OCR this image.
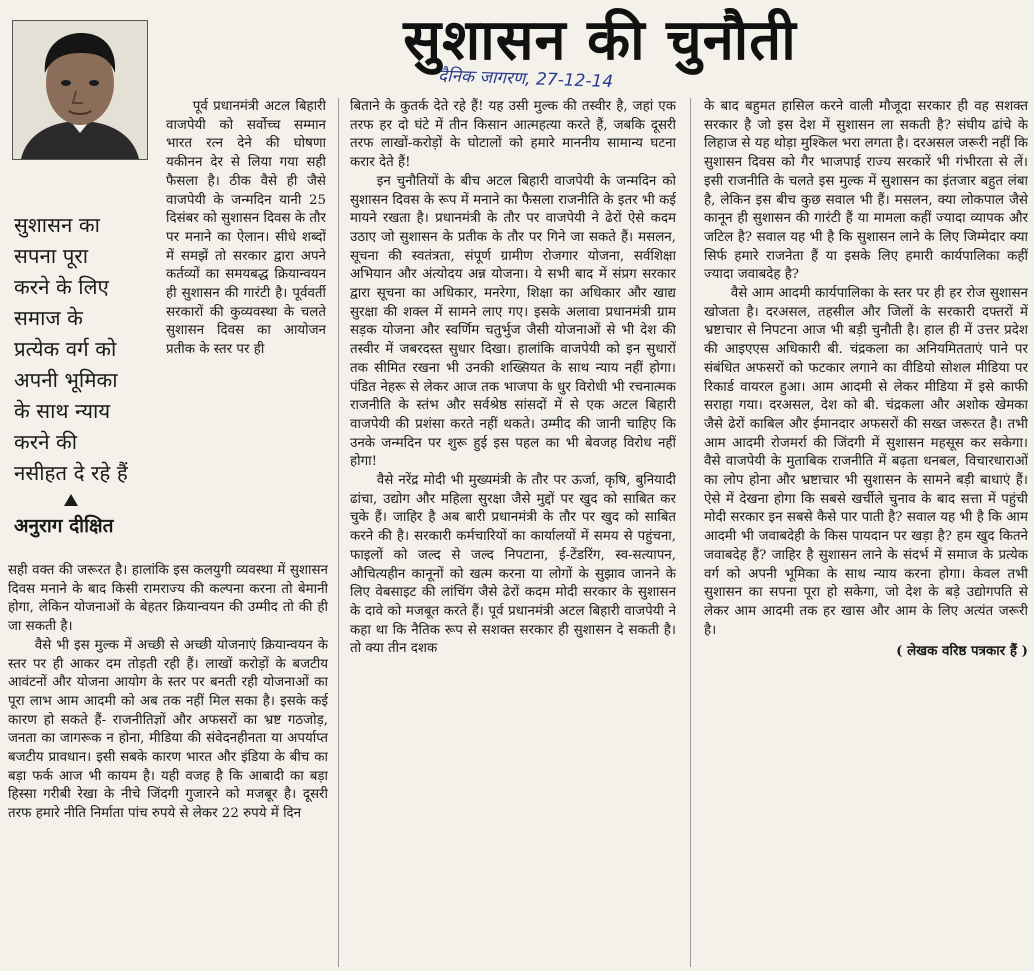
सुशासन की चुनौती
दैनिक जागरण, 27-12-14
सुशासन का
सपना पूरा
करने के लिए
समाज के
प्रत्येक वर्ग को
अपनी भूमिका
के साथ न्याय
करने की
नसीहत दे रहे हैं
अनुराग दीक्षित

पूर्व प्रधानमंत्री अटल बिहारी वाजपेयी को सर्वोच्च सम्मान भारत रत्न देने की घोषणा यकीनन देर से लिया गया सही फैसला है। ठीक वैसे ही जैसे वाजपेयी के जन्मदिन यानी 25 दिसंबर को सुशासन दिवस के तौर पर मनाने का ऐलान। सीधे शब्दों में समझें तो सरकार द्वारा अपने कर्तव्यों का समयबद्ध क्रियान्वयन ही सुशासन की गारंटी है। पूर्ववर्ती सरकारों की कुव्यवस्था के चलते सुशासन दिवस का आयोजन प्रतीक के स्तर पर ही

सही वक्त की जरूरत है। हालांकि इस कलयुगी व्यवस्था में सुशासन दिवस मनाने के बाद किसी रामराज्य की कल्पना करना तो बेमानी होगा, लेकिन योजनाओं के बेहतर क्रियान्वयन की उम्मीद तो की ही जा सकती है।

वैसे भी इस मुल्क में अच्छी से अच्छी योजनाएं क्रियान्वयन के स्तर पर ही आकर दम तोड़ती रही हैं। लाखों करोड़ों के बजटीय आवंटनों और योजना आयोग के स्तर पर बनती रही योजनाओं का पूरा लाभ आम आदमी को अब तक नहीं मिल सका है। इसके कई कारण हो सकते हैं- राजनीतिज्ञों और अफसरों का भ्रष्ट गठजोड़, जनता का जागरूक न होना, मीडिया की संवेदनहीनता या अपर्याप्त बजटीय प्रावधान। इसी सबके कारण भारत और इंडिया के बीच का बड़ा फर्क आज भी कायम है। यही वजह है कि आबादी का बड़ा हिस्सा गरीबी रेखा के नीचे जिंदगी गुजारने को मजबूर है। दूसरी तरफ हमारे नीति निर्माता पांच रुपये से लेकर 22 रुपये में दिन

बिताने के कुतर्क देते रहे हैं! यह उसी मुल्क की तस्वीर है, जहां एक तरफ हर दो घंटे में तीन किसान आत्महत्या करते हैं, जबकि दूसरी तरफ लाखों-करोड़ों के घोटालों को हमारे माननीय सामान्य घटना करार देते हैं!

इन चुनौतियों के बीच अटल बिहारी वाजपेयी के जन्मदिन को सुशासन दिवस के रूप में मनाने का फैसला राजनीति के इतर भी कई मायने रखता है। प्रधानमंत्री के तौर पर वाजपेयी ने ढेरों ऐसे कदम उठाए जो सुशासन के प्रतीक के तौर पर गिने जा सकते हैं। मसलन, सूचना की स्वतंत्रता, संपूर्ण ग्रामीण रोजगार योजना, सर्वशिक्षा अभियान और अंत्योदय अन्न योजना। ये सभी बाद में संप्रग सरकार द्वारा सूचना का अधिकार, मनरेगा, शिक्षा का अधिकार और खाद्य सुरक्षा की शक्ल में सामने लाए गए। इसके अलावा प्रधानमंत्री ग्राम सड़क योजना और स्वर्णिम चतुर्भुज जैसी योजनाओं से भी देश की तस्वीर में जबरदस्त सुधार दिखा। हालांकि वाजपेयी को इन सुधारों तक सीमित रखना भी उनकी शख्सियत के साथ न्याय नहीं होगा। पंडित नेहरू से लेकर आज तक भाजपा के धुर विरोधी भी रचनात्मक राजनीति के स्तंभ और सर्वश्रेष्ठ सांसदों में से एक अटल बिहारी वाजपेयी की प्रशंसा करते नहीं थकते। उम्मीद की जानी चाहिए कि उनके जन्मदिन पर शुरू हुई इस पहल का भी बेवजह विरोध नहीं होगा!

वैसे नरेंद्र मोदी भी मुख्यमंत्री के तौर पर ऊर्जा, कृषि, बुनियादी ढांचा, उद्योग और महिला सुरक्षा जैसे मुद्दों पर खुद को साबित कर चुके हैं। जाहिर है अब बारी प्रधानमंत्री के तौर पर खुद को साबित करने की है। सरकारी कर्मचारियों का कार्यालयों में समय से पहुंचना, फाइलों को जल्द से जल्द निपटाना, ई-टेंडरिंग, स्व-सत्यापन, औचित्यहीन कानूनों को खत्म करना या लोगों के सुझाव जानने के लिए वेबसाइट की लांचिंग जैसे ढेरों कदम मोदी सरकार के सुशासन के दावे को मजबूत करते हैं। पूर्व प्रधानमंत्री अटल बिहारी वाजपेयी ने कहा था कि नैतिक रूप से सशक्त सरकार ही सुशासन दे सकती है। तो क्या तीन दशक

के बाद बहुमत हासिल करने वाली मौजूदा सरकार ही वह सशक्त सरकार है जो इस देश में सुशासन ला सकती है? संघीय ढांचे के लिहाज से यह थोड़ा मुश्किल भरा लगता है। दरअसल जरूरी नहीं कि सुशासन दिवस को गैर भाजपाई राज्य सरकारें भी गंभीरता से लें। इसी राजनीति के चलते इस मुल्क में सुशासन का इंतजार बहुत लंबा है, लेकिन इस बीच कुछ सवाल भी हैं। मसलन, क्या लोकपाल जैसे कानून ही सुशासन की गारंटी हैं या मामला कहीं ज्यादा व्यापक और जटिल है? सवाल यह भी है कि सुशासन लाने के लिए जिम्मेदार क्या सिर्फ हमारे राजनेता हैं या इसके लिए हमारी कार्यपालिका कहीं ज्यादा जवाबदेह है?

वैसे आम आदमी कार्यपालिका के स्तर पर ही हर रोज सुशासन खोजता है। दरअसल, तहसील और जिलों के सरकारी दफ्तरों में भ्रष्टाचार से निपटना आज भी बड़ी चुनौती है। हाल ही में उत्तर प्रदेश की आइएएस अधिकारी बी. चंद्रकला का अनियमितताएं पाने पर संबंधित अफसरों को फटकार लगाने का वीडियो सोशल मीडिया पर रिकार्ड वायरल हुआ। आम आदमी से लेकर मीडिया में इसे काफी सराहा गया। दरअसल, देश को बी. चंद्रकला और अशोक खेमका जैसे ढेरों काबिल और ईमानदार अफसरों की सख्त जरूरत है। तभी आम आदमी रोजमर्रा की जिंदगी में सुशासन महसूस कर सकेगा। वैसे वाजपेयी के मुताबिक राजनीति में बढ़ता धनबल, विचारधाराओं का लोप होना और भ्रष्टाचार भी सुशासन के सामने बड़ी बाधाएं हैं। ऐसे में देखना होगा कि सबसे खर्चीले चुनाव के बाद सत्ता में पहुंची मोदी सरकार इन सबसे कैसे पार पाती है? सवाल यह भी है कि आम आदमी भी जवाबदेही के किस पायदान पर खड़ा है? हम खुद कितने जवाबदेह हैं? जाहिर है सुशासन लाने के संदर्भ में समाज के प्रत्येक वर्ग को अपनी भूमिका के साथ न्याय करना होगा। केवल तभी सुशासन का सपना पूरा हो सकेगा, जो देश के बड़े उद्योगपति से लेकर आम आदमी तक हर खास और आम के लिए अत्यंत जरूरी है।

( लेखक वरिष्ठ पत्रकार हैं )
